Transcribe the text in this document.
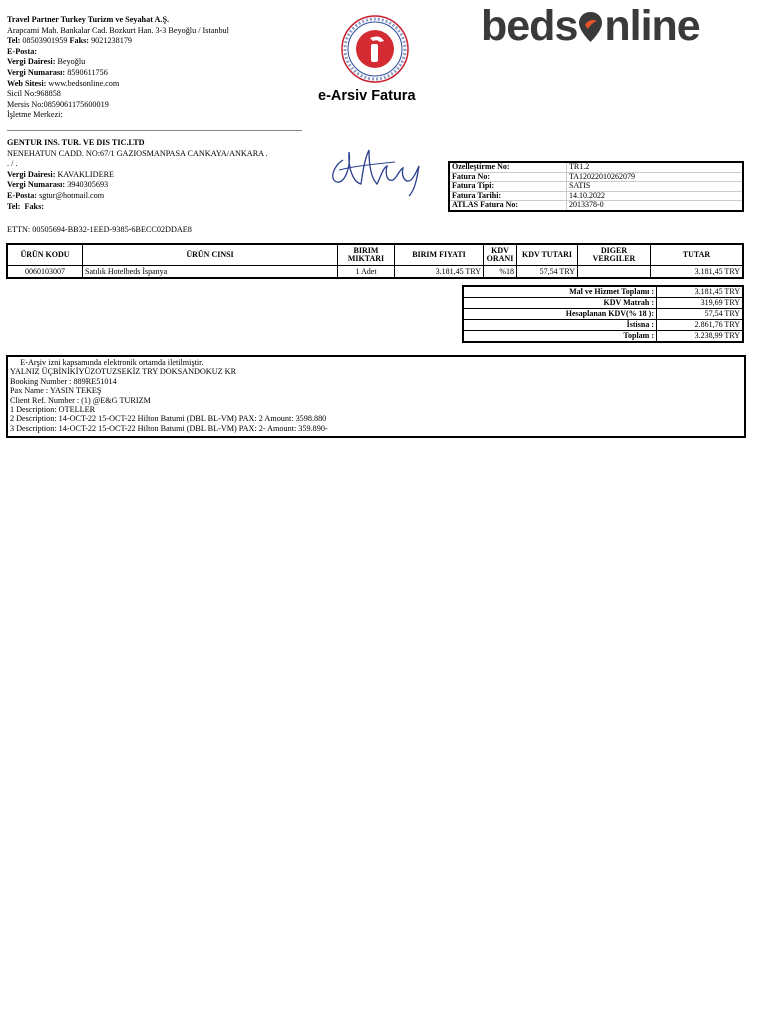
Travel Partner Turkey Turizm ve Seyahat A.Ş.
Arapcami Mah. Bankalar Cad. Bozkurt Han. 3-3 Beyoğlu / Istanbul
Tel: 08503901959 Faks: 9021238179
E-Posta:
Vergi Dairesi: Beyoğlu
Vergi Numarası: 8590611756
Web Sitesi: www.bedsonline.com
Sicil No:968858
Mersis No:0859061175600019
İşletme Merkezi:
beds nline
e-Arsiv Fatura
GENTUR INS. TUR. VE DIS TIC.LTD
NENEHATUN CADD. NO:67/1 GAZIOSMANPASA CANKAYA/ANKARA .
. / .
Vergi Dairesi: KAVAKLIDERE
Vergi Numarası: 3940305693
E-Posta: sgtur@hotmail.com
Tel: Faks:
Özelleştirme No:	TR1.2
Fatura No:	TA12022010262079
Fatura Tipi:	SATIS
Fatura Tarihi:	14.10.2022
ATLAS Fatura No:	2013378-0
ETTN: 00505694-BB32-1EED-9385-6BECC02DDAE8
ÜRÜN KODU	ÜRÜN CINSI	BIRIM MIKTARI	BIRIM FIYATI	KDV ORANI	KDV TUTARI	DIGER VERGILER	TUTAR
0060103007	Satılık Hotelbeds İspanya	1 Adet	3.181,45 TRY	%18	57,54 TRY		3.181,45 TRY
Mal ve Hizmet Toplamı :	3.181,45 TRY
KDV Matrah :	319,69 TRY
Hesaplanan KDV(% 18 ):	57,54 TRY
İstisna :	2.861,76 TRY
Toplam :	3.238,99 TRY
E-Arşiv izni kapsamında elektronik ortamda iletilmiştir.
YALNIZ ÜÇBİNİKİYÜZOTUZSEKİZ TRY DOKSANDOKUZ KR
Booking Number : 889RE51014
Pax Name : YASIN TEKEŞ
Client Ref. Number : (1) @E&G TURIZM
1 Description: OTELLER
2 Description: 14-OCT-22 15-OCT-22 Hilton Batumi (DBL BL-VM) PAX: 2 Amount: 3598.880
3 Description: 14-OCT-22 15-OCT-22 Hilton Batumi (DBL BL-VM) PAX: 2- Amount: 359.890-
